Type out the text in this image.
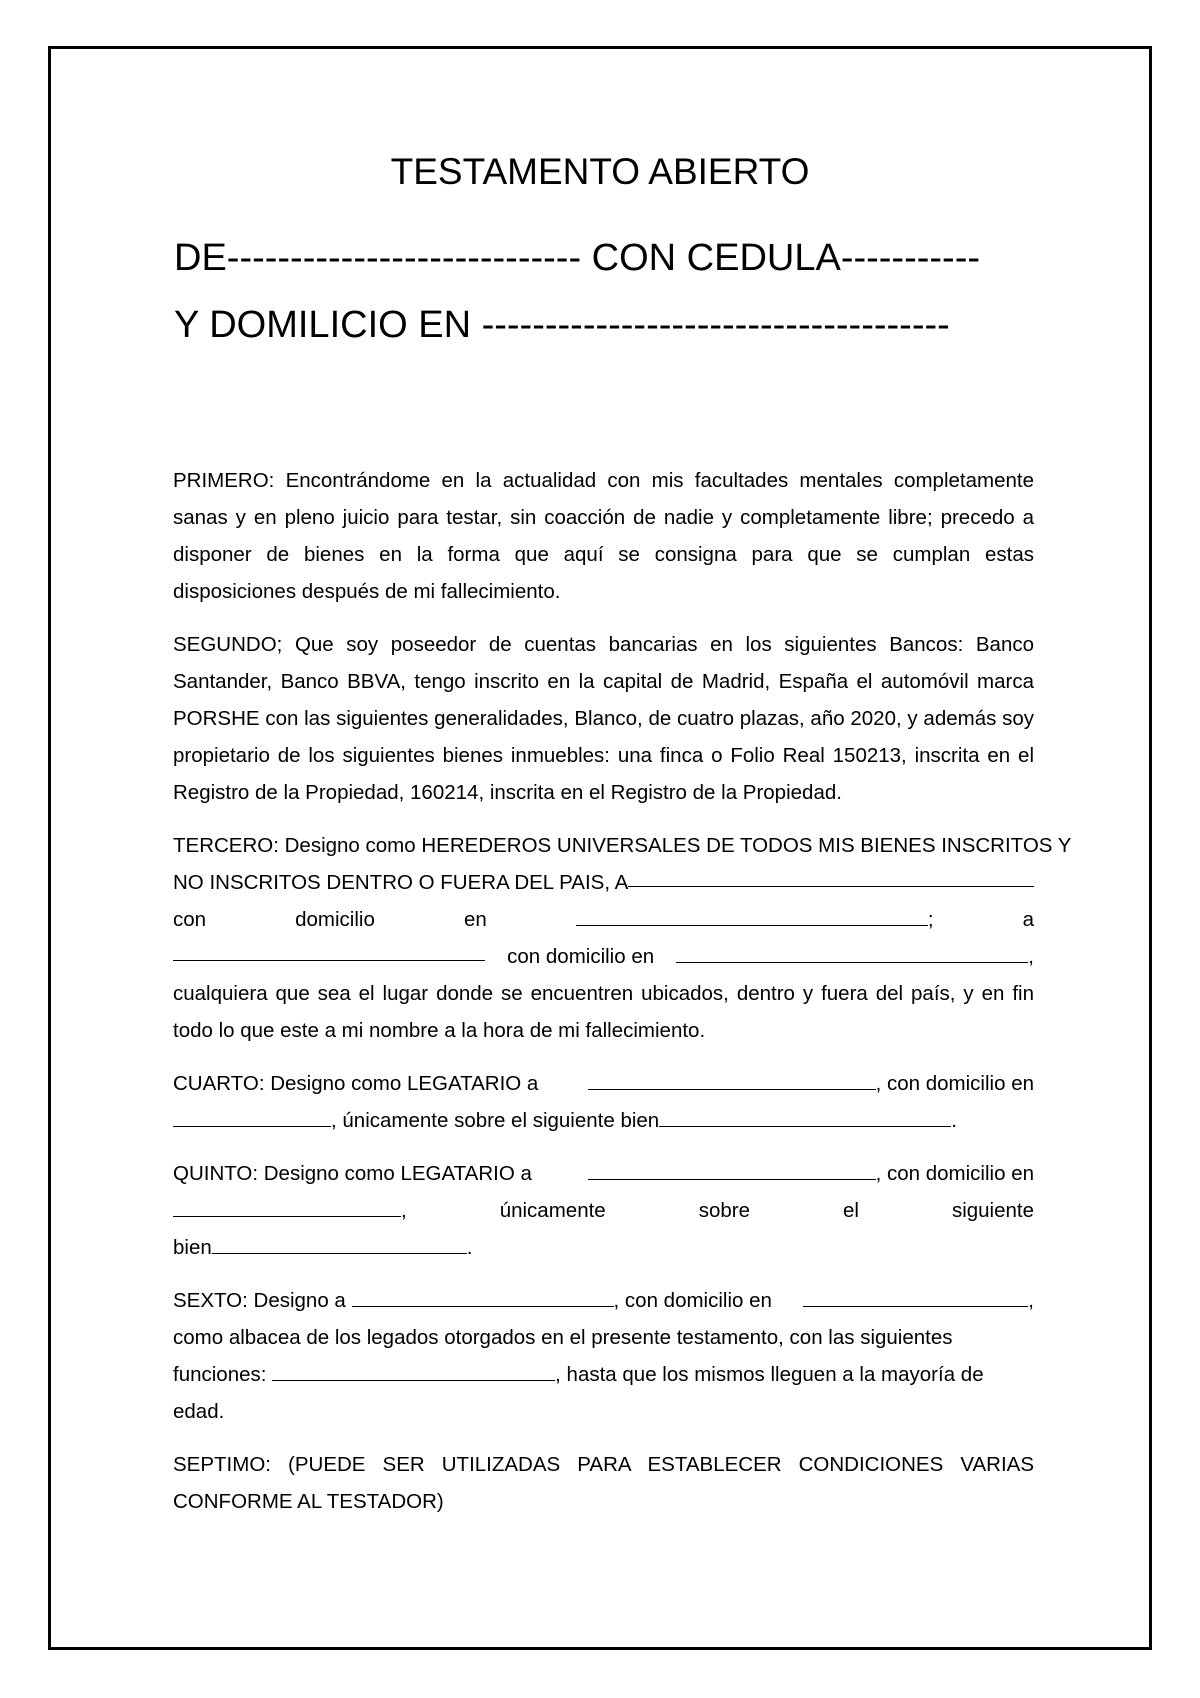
TESTAMENTO ABIERTO
DE---------------------------- CON CEDULA-----------
Y DOMILICIO EN -------------------------------------

PRIMERO: Encontrándome en la actualidad con mis facultades mentales completamente sanas y en pleno juicio para testar, sin coacción de nadie y completamente libre; precedo a disponer de bienes en la forma que aquí se consigna para que se cumplan estas disposiciones después de mi fallecimiento.

SEGUNDO; Que soy poseedor de cuentas bancarias en los siguientes Bancos: Banco Santander, Banco BBVA, tengo inscrito en la capital de Madrid, España el automóvil marca PORSHE con las siguientes generalidades, Blanco, de cuatro plazas, año 2020, y además soy propietario de los siguientes bienes inmuebles: una finca o Folio Real 150213, inscrita en el Registro de la Propiedad, 160214, inscrita en el Registro de la Propiedad.

TERCERO: Designo como HEREDEROS UNIVERSALES DE TODOS MIS BIENES INSCRITOS Y
NO INSCRITOS DENTRO O FUERA DEL PAIS, A
con	domicilio	en	;	a
con domicilio en	,
cualquiera que sea el lugar donde se encuentren ubicados, dentro y fuera del país, y en fin todo lo que este a mi nombre a la hora de mi fallecimiento.
CUARTO: Designo como LEGATARIO a	, con domicilio en
, únicamente sobre el siguiente bien	.
QUINTO: Designo como LEGATARIO a	, con domicilio en
,	únicamente	sobre	el	siguiente
bien	.
SEXTO: Designo a	, con domicilio en	,
como albacea de los legados otorgados en el presente testamento, con las siguientes
funciones:	, hasta que los mismos lleguen a la mayoría de
edad.

SEPTIMO: (PUEDE SER UTILIZADAS PARA ESTABLECER CONDICIONES VARIAS CONFORME AL TESTADOR)
